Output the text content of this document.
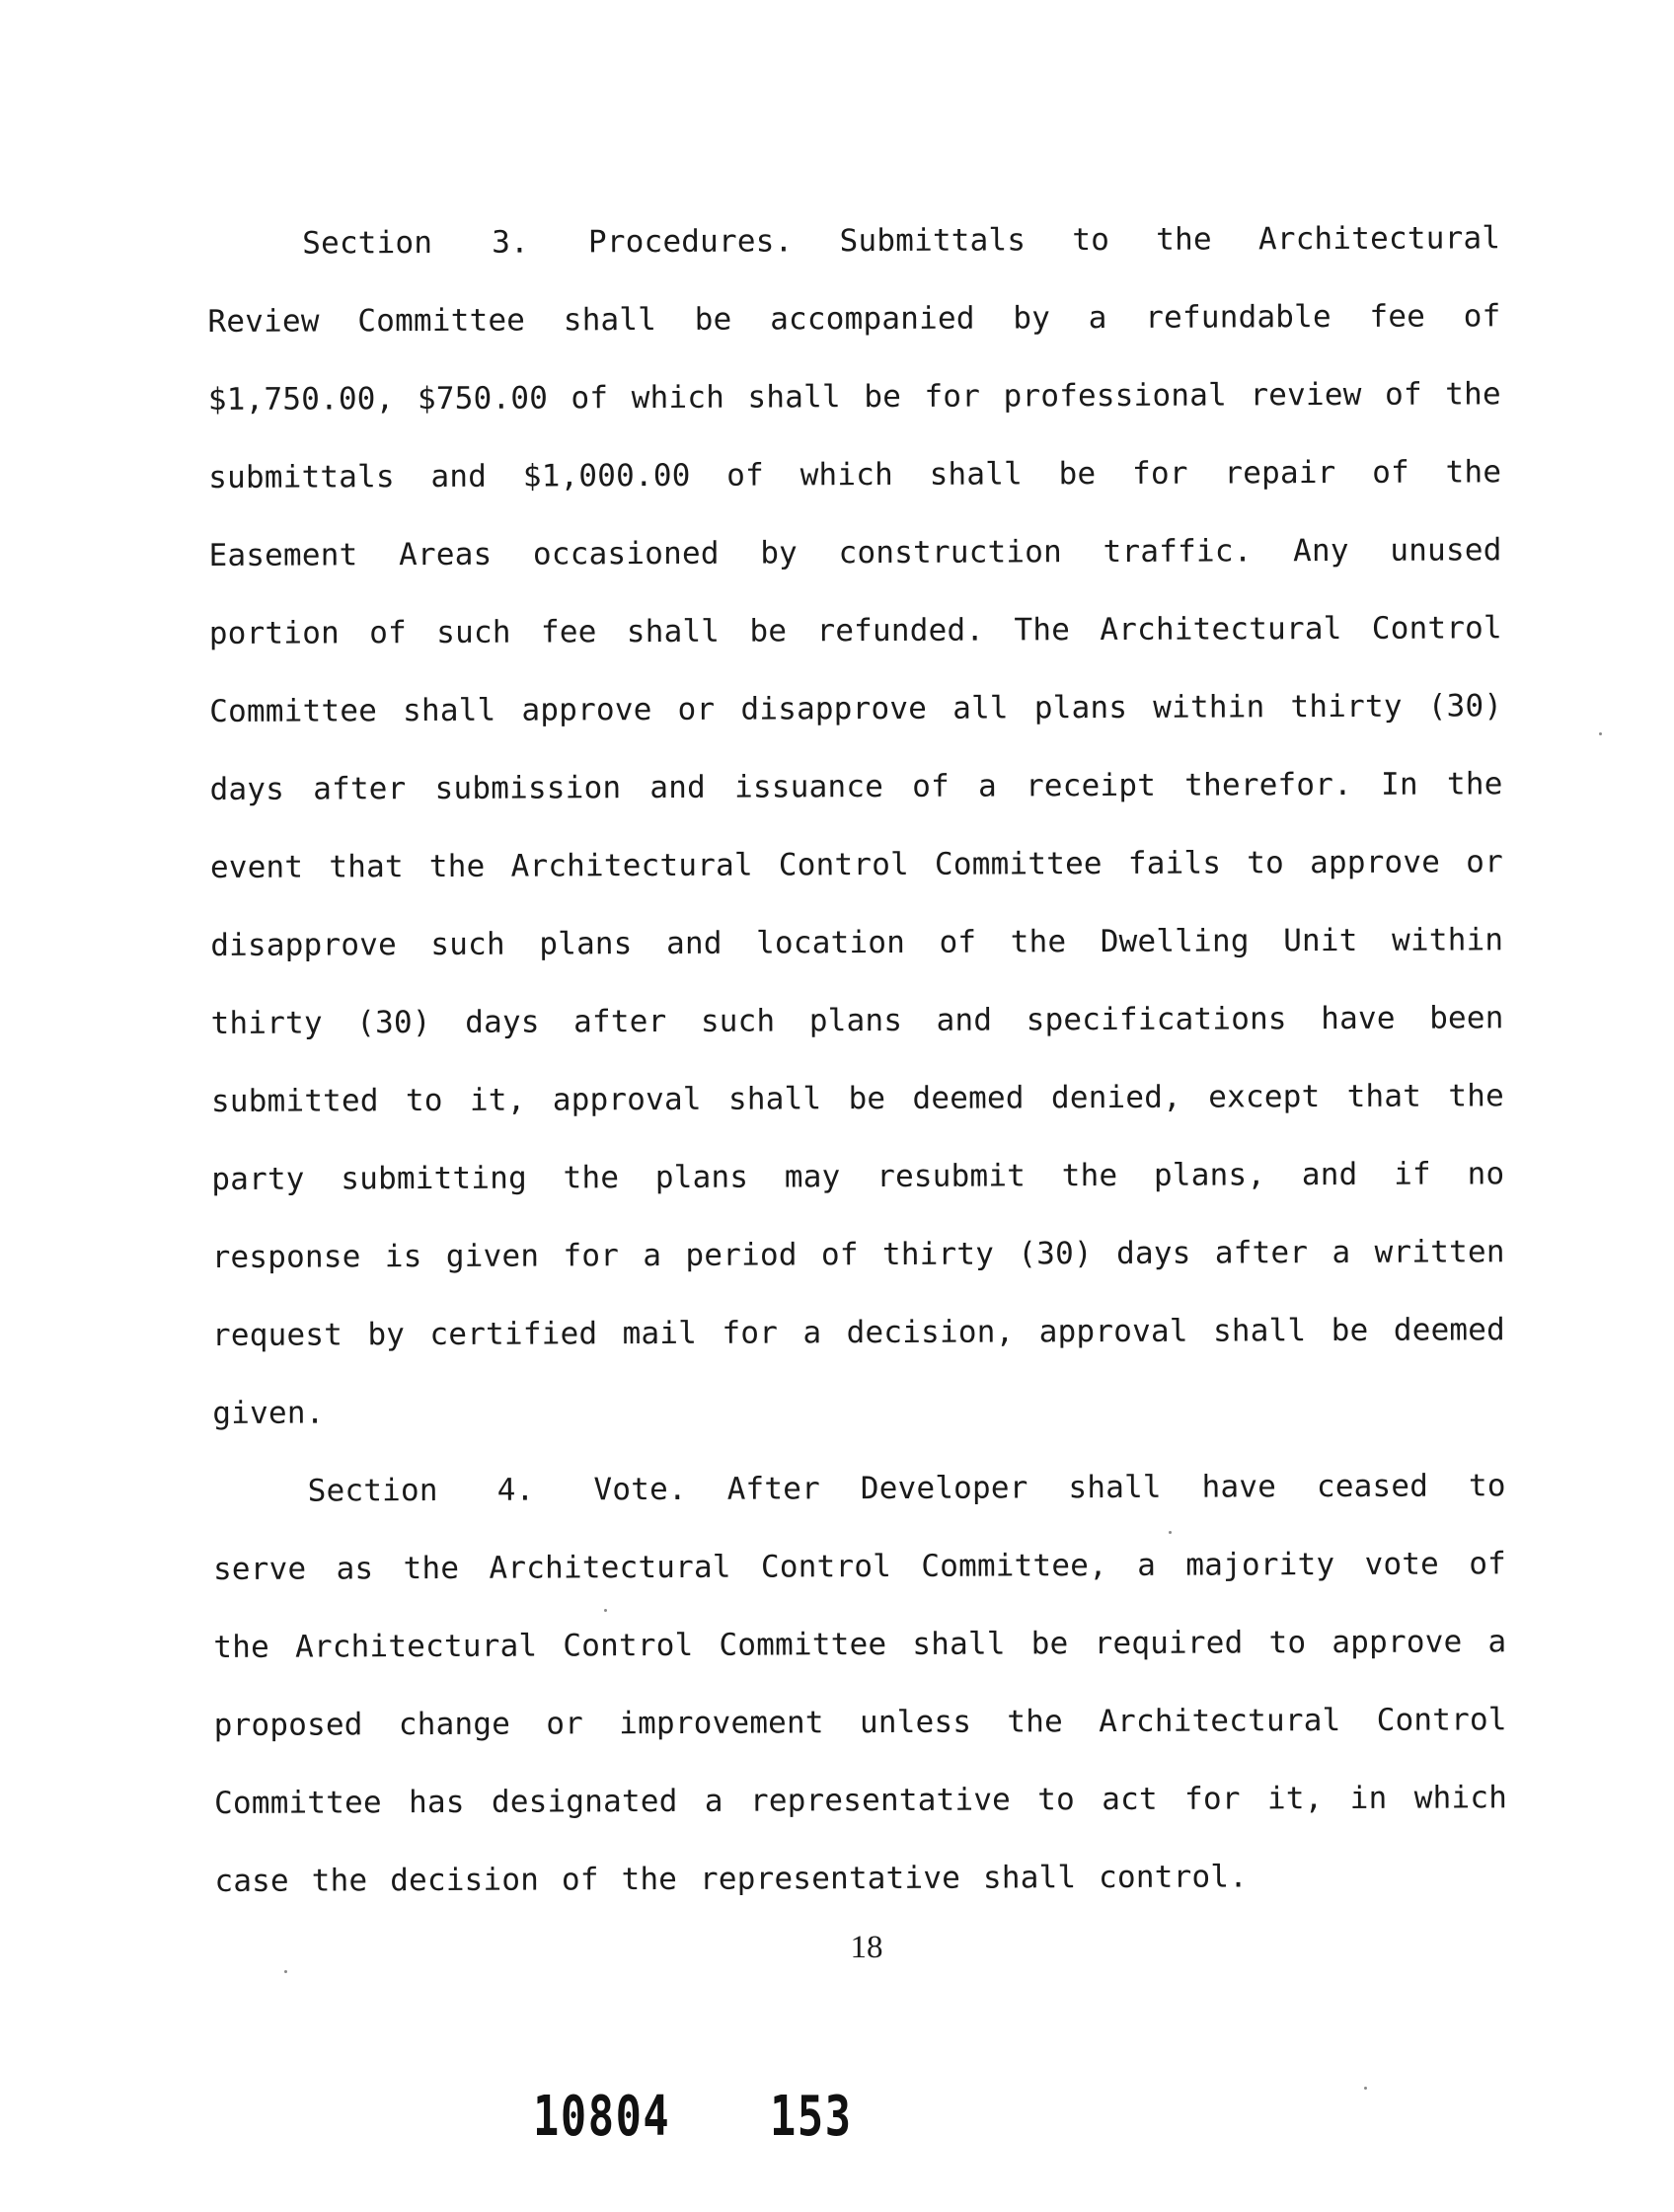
Section 3. Procedures. Submittals to the Architectural Review Committee shall be accompanied by a refundable fee of $1,750.00, $750.00 of which shall be for professional review of the submittals and $1,000.00 of which shall be for repair of the Easement Areas occasioned by construction traffic. Any unused portion of such fee shall be refunded. The Architectural Control Committee shall approve or disapprove all plans within thirty (30) days after submission and issuance of a receipt therefor. In the event that the Architectural Control Committee fails to approve or disapprove such plans and location of the Dwelling Unit within thirty (30) days after such plans and specifications have been submitted to it, approval shall be deemed denied, except that the party submitting the plans may resubmit the plans, and if no response is given for a period of thirty (30) days after a written request by certified mail for a decision, approval shall be deemed given.

Section 4. Vote. After Developer shall have ceased to serve as the Architectural Control Committee, a majority vote of the Architectural Control Committee shall be required to approve a proposed change or improvement unless the Architectural Control Committee has designated a representative to act for it, in which case the decision of the representative shall control.

18
10804 153
